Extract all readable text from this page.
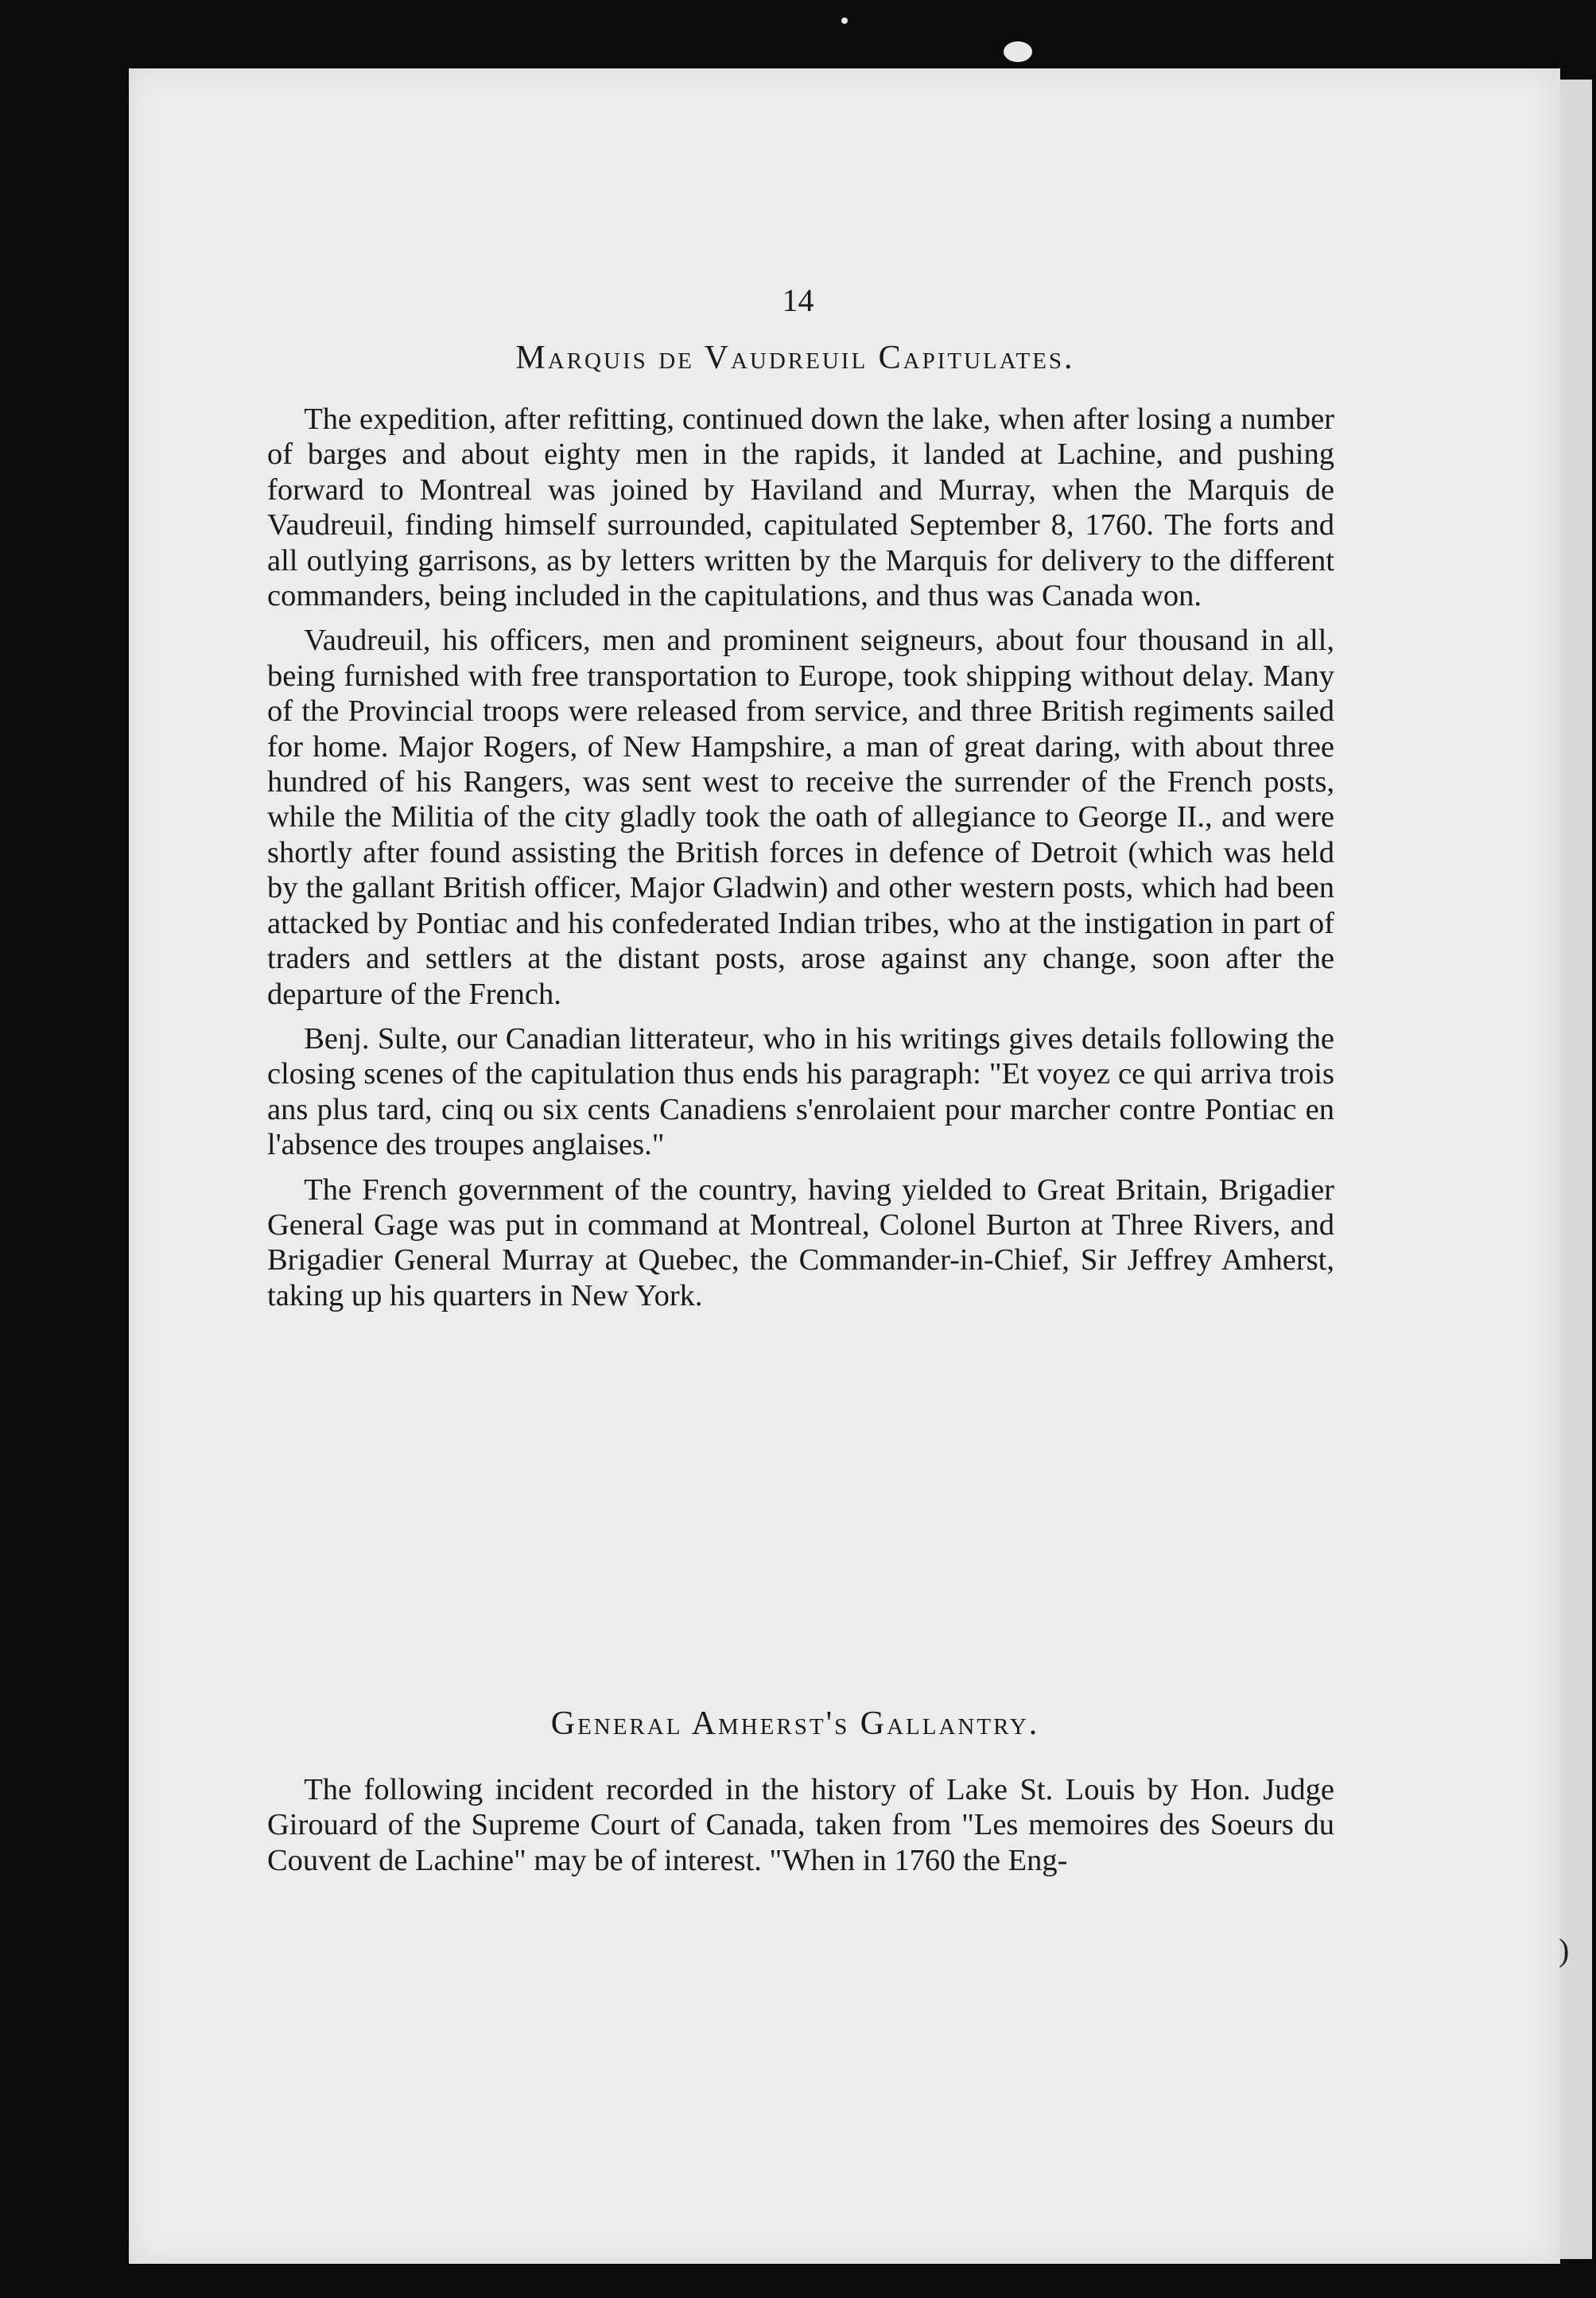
)
14
Marquis de Vaudreuil Capitulates.

The expedition, after refitting, continued down the lake, when after losing a number of barges and about eighty men in the rapids, it landed at Lachine, and pushing forward to Montreal was joined by Haviland and Murray, when the Marquis de Vaudreuil, finding himself surrounded, capitulated September 8, 1760. The forts and all outlying garrisons, as by letters written by the Marquis for delivery to the different commanders, being included in the capitulations, and thus was Canada won.

Vaudreuil, his officers, men and prominent seigneurs, about four thousand in all, being furnished with free transportation to Europe, took shipping without delay. Many of the Provincial troops were released from service, and three British regiments sailed for home. Major Rogers, of New Hampshire, a man of great daring, with about three hundred of his Rangers, was sent west to receive the surrender of the French posts, while the Militia of the city gladly took the oath of allegiance to George II., and were shortly after found assisting the British forces in defence of Detroit (which was held by the gallant British officer, Major Gladwin) and other western posts, which had been attacked by Pontiac and his confederated Indian tribes, who at the instigation in part of traders and settlers at the distant posts, arose against any change, soon after the departure of the French.

Benj. Sulte, our Canadian litterateur, who in his writings gives details following the closing scenes of the capitulation thus ends his paragraph: "Et voyez ce qui arriva trois ans plus tard, cinq ou six cents Canadiens s'enrolaient pour marcher contre Pontiac en l'absence des troupes anglaises."

The French government of the country, having yielded to Great Britain, Brigadier General Gage was put in command at Montreal, Colonel Burton at Three Rivers, and Brigadier General Murray at Quebec, the Commander-in-Chief, Sir Jeffrey Amherst, taking up his quarters in New York.

General Amherst's Gallantry.

The following incident recorded in the history of Lake St. Louis by Hon. Judge Girouard of the Supreme Court of Canada, taken from "Les memoires des Soeurs du Couvent de Lachine" may be of interest. "When in 1760 the Eng-
